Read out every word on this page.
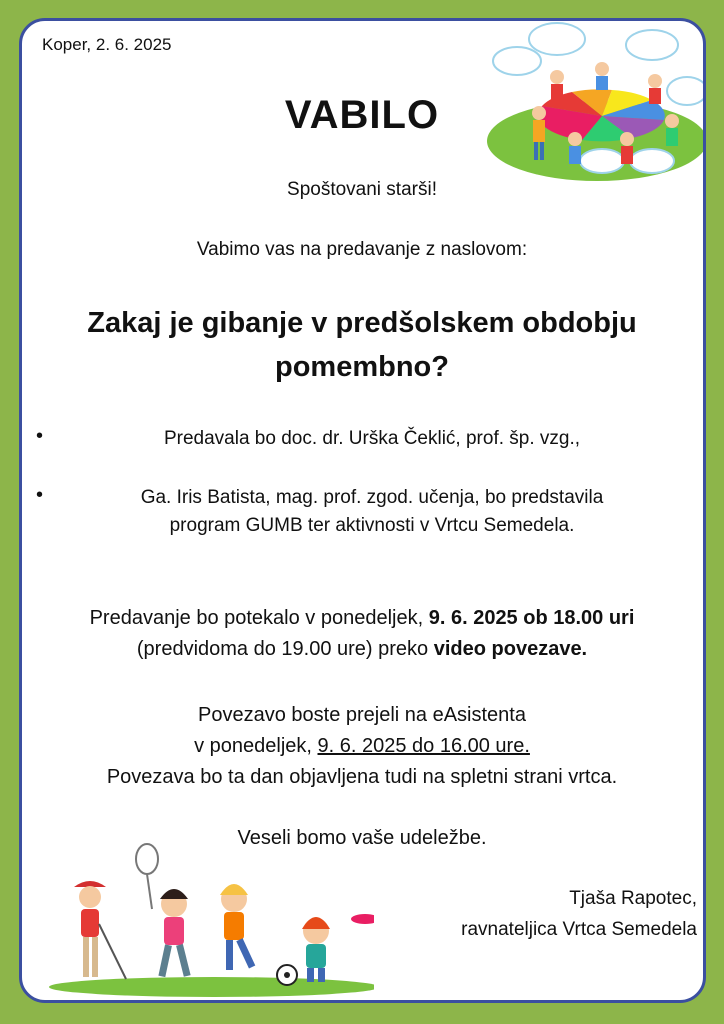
Koper, 2. 6. 2025
VABILO
Spoštovani starši!
Vabimo vas na predavanje z naslovom:
Zakaj je gibanje v predšolskem obdobju
pomembno?
•	Predavala bo doc. dr. Urška Čeklić, prof. šp. vzg.,
•	Ga. Iris Batista, mag. prof. zgod. učenja, bo predstavila
program GUMB ter aktivnosti v Vrtcu Semedela.
Predavanje bo potekalo v ponedeljek, 9. 6. 2025 ob 18.00 uri
(predvidoma do 19.00 ure) preko video povezave.
Povezavo boste prejeli na eAsistenta
v ponedeljek, 9. 6. 2025 do 16.00 ure.
Povezava bo ta dan objavljena tudi na spletni strani vrtca.
Veseli bomo vaše udeležbe.
Tjaša Rapotec,
ravnateljica Vrtca Semedela
